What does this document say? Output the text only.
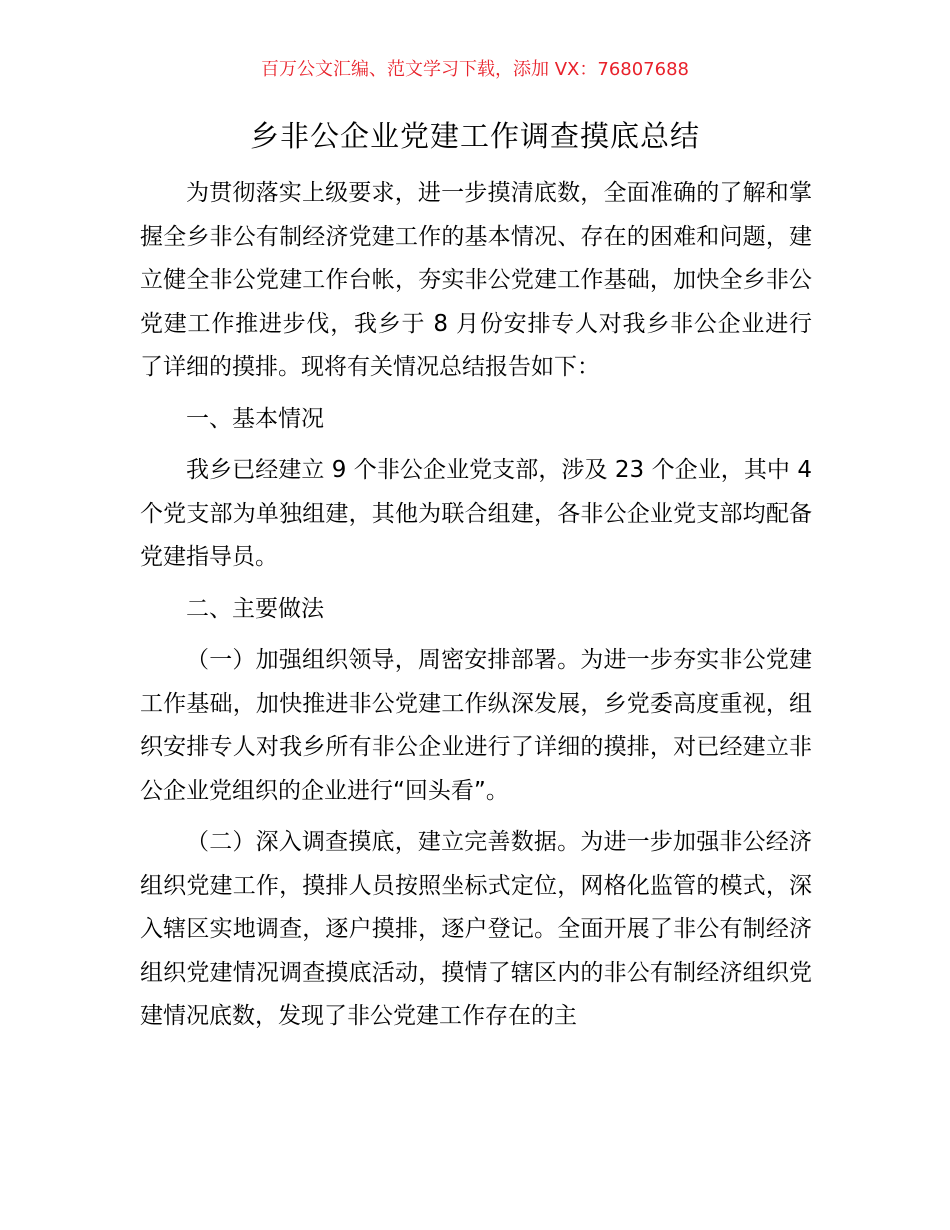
百万公文汇编、范文学习下载，添加 VX：76807688
乡非公企业党建工作调查摸底总结

为贯彻落实上级要求，进一步摸清底数，全面准确的了解和掌握全乡非公有制经济党建工作的基本情况、存在的困难和问题，建立健全非公党建工作台帐，夯实非公党建工作基础，加快全乡非公党建工作推进步伐，我乡于 8 月份安排专人对我乡非公企业进行了详细的摸排。现将有关情况总结报告如下：

一、基本情况

我乡已经建立 9 个非公企业党支部，涉及 23 个企业，其中 4 个党支部为单独组建，其他为联合组建，各非公企业党支部均配备党建指导员。

二、主要做法

（一）加强组织领导，周密安排部署。为进一步夯实非公党建工作基础，加快推进非公党建工作纵深发展，乡党委高度重视，组织安排专人对我乡所有非公企业进行了详细的摸排，对已经建立非公企业党组织的企业进行“回头看”。

（二）深入调查摸底，建立完善数据。为进一步加强非公经济组织党建工作，摸排人员按照坐标式定位，网格化监管的模式，深入辖区实地调查，逐户摸排，逐户登记。全面开展了非公有制经济组织党建情况调查摸底活动，摸情了辖区内的非公有制经济组织党建情况底数，发现了非公党建工作存在的主
